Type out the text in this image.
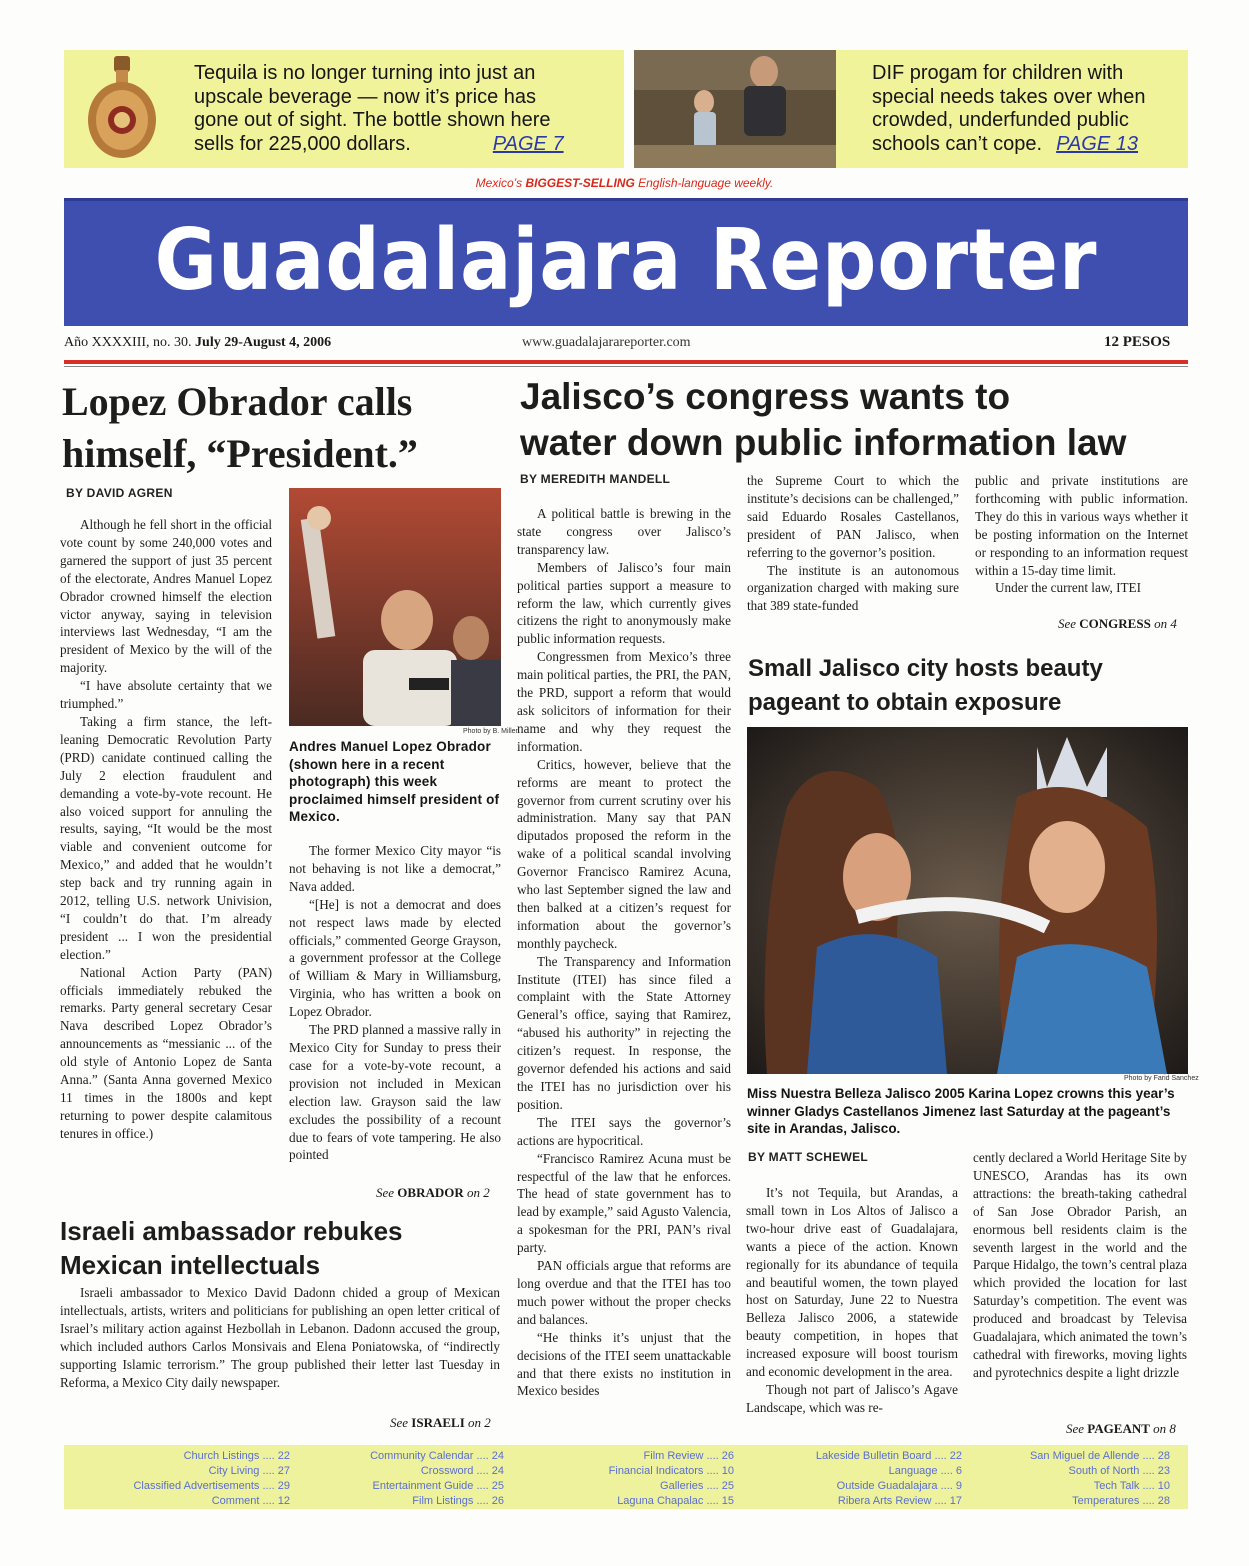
Tequila is no longer turning into just an
upscale beverage — now it’s price has
gone out of sight. The bottle shown here
sells for 225,000 dollars.	PAGE 7
DIF progam for children with
special needs takes over when
crowded, underfunded public
schools can’t cope. PAGE 13
Mexico’s BIGGEST-SELLING English-language weekly.
Guadalajara Reporter
Año XXXXIII, no. 30. July 29-August 4, 2006	www.guadalajarareporter.com	12 PESOS
Lopez Obrador calls
himself, “President.”
BY DAVID AGREN

Although he fell short in the official vote count by some 240,000 votes and garnered the support of just 35 percent of the electorate, Andres Manuel Lopez Obrador crowned himself the election victor anyway, saying in television interviews last Wednesday, “I am the president of Mexico by the will of the majority.

“I have absolute certainty that we triumphed.”

Taking a firm stance, the left-leaning Democratic Revolution Party (PRD) canidate continued calling the July 2 election fraudulent and demanding a vote-by-vote recount. He also voiced support for annuling the results, saying, “It would be the most viable and convenient outcome for Mexico,” and added that he wouldn’t step back and try running again in 2012, telling U.S. network Univision, “I couldn’t do that. I’m already president ... I won the presidential election.”

National Action Party (PAN) officials immediately rebuked the remarks. Party general secretary Cesar Nava described Lopez Obrador’s announcements as “messianic ... of the old style of Antonio Lopez de Santa Anna.” (Santa Anna governed Mexico 11 times in the 1800s and kept returning to power despite calamitous tenures in office.)

Photo by B. Miller
Andres Manuel Lopez Obrador (shown here in a recent photograph) this week proclaimed himself president of Mexico.

The former Mexico City mayor “is not behaving is not like a democrat,” Nava added.

“[He] is not a democrat and does not respect laws made by elected officials,” commented George Grayson, a government professor at the College of William & Mary in Williamsburg, Virginia, who has written a book on Lopez Obrador.

The PRD planned a massive rally in Mexico City for Sunday to press their case for a vote-by-vote recount, a provision not included in Mexican election law. Grayson said the law excludes the possibility of a recount due to fears of vote tampering. He also pointed

See OBRADOR on 2
Israeli ambassador rebukes
Mexican intellectuals

Israeli ambassador to Mexico David Dadonn chided a group of Mexican intellectuals, artists, writers and politicians for publishing an open letter critical of Israel’s military action against Hezbollah in Lebanon. Dadonn accused the group, which included authors Carlos Monsivais and Elena Poniatowska, of “indirectly supporting Islamic terrorism.” The group published their letter last Tuesday in Reforma, a Mexico City daily newspaper.

See ISRAELI on 2
Jalisco’s congress wants to
water down public information law
BY MEREDITH MANDELL

A political battle is brewing in the state congress over Jalisco’s transparency law.

Members of Jalisco’s four main political parties support a measure to reform the law, which currently gives citizens the right to anonymously make public information requests.

Congressmen from Mexico’s three main political parties, the PRI, the PAN, the PRD, support a reform that would ask solicitors of information for their name and why they request the information.

Critics, however, believe that the reforms are meant to protect the governor from current scrutiny over his administration. Many say that PAN diputados proposed the reform in the wake of a political scandal involving Governor Francisco Ramirez Acuna, who last September signed the law and then balked at a citizen’s request for information about the governor’s monthly paycheck.

The Transparency and Information Institute (ITEI) has since filed a complaint with the State Attorney General’s office, saying that Ramirez, “abused his authority” in rejecting the citizen’s request. In response, the governor defended his actions and said the ITEI has no jurisdiction over his position.

The ITEI says the governor’s actions are hypocritical.

“Francisco Ramirez Acuna must be respectful of the law that he enforces. The head of state government has to lead by example,” said Agusto Valencia, a spokesman for the PRI, PAN’s rival party.

PAN officials argue that reforms are long overdue and that the ITEI has too much power without the proper checks and balances.

“He thinks it’s unjust that the decisions of the ITEI seem unattackable and that there exists no institution in Mexico besides

the Supreme Court to which the institute’s decisions can be challenged,” said Eduardo Rosales Castellanos, president of PAN Jalisco, when referring to the governor’s position.

The institute is an autonomous organization charged with making sure that 389 state-funded

public and private institutions are forthcoming with public information. They do this in various ways whether it be posting information on the Internet or responding to an information request within a 15-day time limit.

Under the current law, ITEI

See CONGRESS on 4
Small Jalisco city hosts beauty
pageant to obtain exposure
Photo by Farid Sanchez
Miss Nuestra Belleza Jalisco 2005 Karina Lopez crowns this year’s winner Gladys Castellanos Jimenez last Saturday at the pageant’s site in Arandas, Jalisco.
BY MATT SCHEWEL

It’s not Tequila, but Arandas, a small town in Los Altos of Jalisco a two-hour drive east of Guadalajara, wants a piece of the action. Known regionally for its abundance of tequila and beautiful women, the town played host on Saturday, June 22 to Nuestra Belleza Jalisco 2006, a statewide beauty competition, in hopes that increased exposure will boost tourism and economic development in the area.

Though not part of Jalisco’s Agave Landscape, which was re-

cently declared a World Heritage Site by UNESCO, Arandas has its own attractions: the breath-taking cathedral of San Jose Obrador Parish, an enormous bell residents claim is the seventh largest in the world and the Parque Hidalgo, the town’s central plaza which provided the location for last Saturday’s competition. The event was produced and broadcast by Televisa Guadalajara, which animated the town’s cathedral with fireworks, moving lights and pyrotechnics despite a light drizzle

See PAGEANT on 8
Church Listings .... 22
City Living .... 27
Classified Advertisements .... 29
Comment .... 12
Community Calendar .... 24
Crossword .... 24
Entertainment Guide .... 25
Film Listings .... 26
Film Review .... 26
Financial Indicators .... 10
Galleries .... 25
Laguna Chapalac .... 15
Lakeside Bulletin Board .... 22
Language .... 6
Outside Guadalajara .... 9
Ribera Arts Review .... 17
San Miguel de Allende .... 28
South of North .... 23
Tech Talk .... 10
Temperatures .... 28
